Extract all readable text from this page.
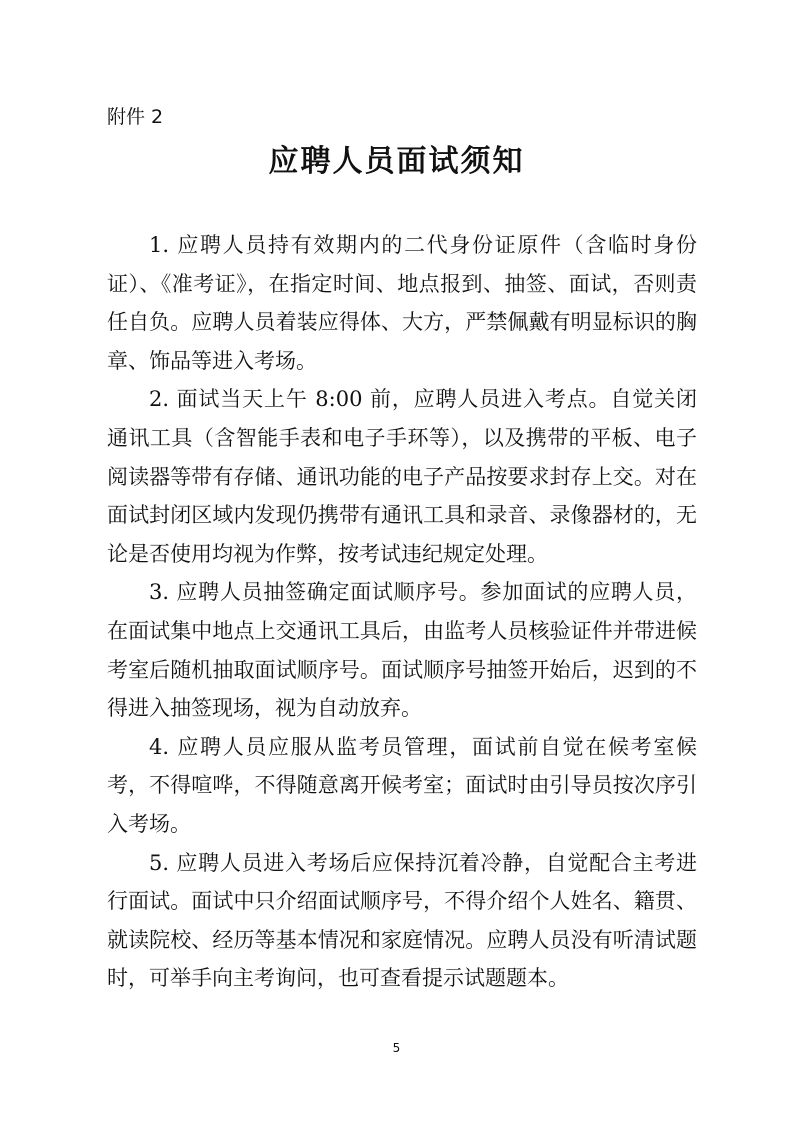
附件 2
应聘人员面试须知

1. 应聘人员持有效期内的二代身份证原件（含临时身份证）、《准考证》，在指定时间、地点报到、抽签、面试，否则责任自负。应聘人员着装应得体、大方，严禁佩戴有明显标识的胸章、饰品等进入考场。

2. 面试当天上午 8:00 前，应聘人员进入考点。自觉关闭通讯工具（含智能手表和电子手环等），以及携带的平板、电子阅读器等带有存储、通讯功能的电子产品按要求封存上交。对在面试封闭区域内发现仍携带有通讯工具和录音、录像器材的，无论是否使用均视为作弊，按考试违纪规定处理。

3. 应聘人员抽签确定面试顺序号。参加面试的应聘人员，在面试集中地点上交通讯工具后，由监考人员核验证件并带进候考室后随机抽取面试顺序号。面试顺序号抽签开始后，迟到的不得进入抽签现场，视为自动放弃。

4. 应聘人员应服从监考员管理，面试前自觉在候考室候考，不得喧哗，不得随意离开候考室；面试时由引导员按次序引入考场。

5. 应聘人员进入考场后应保持沉着冷静，自觉配合主考进行面试。面试中只介绍面试顺序号，不得介绍个人姓名、籍贯、就读院校、经历等基本情况和家庭情况。应聘人员没有听清试题时，可举手向主考询问，也可查看提示试题题本。

5
